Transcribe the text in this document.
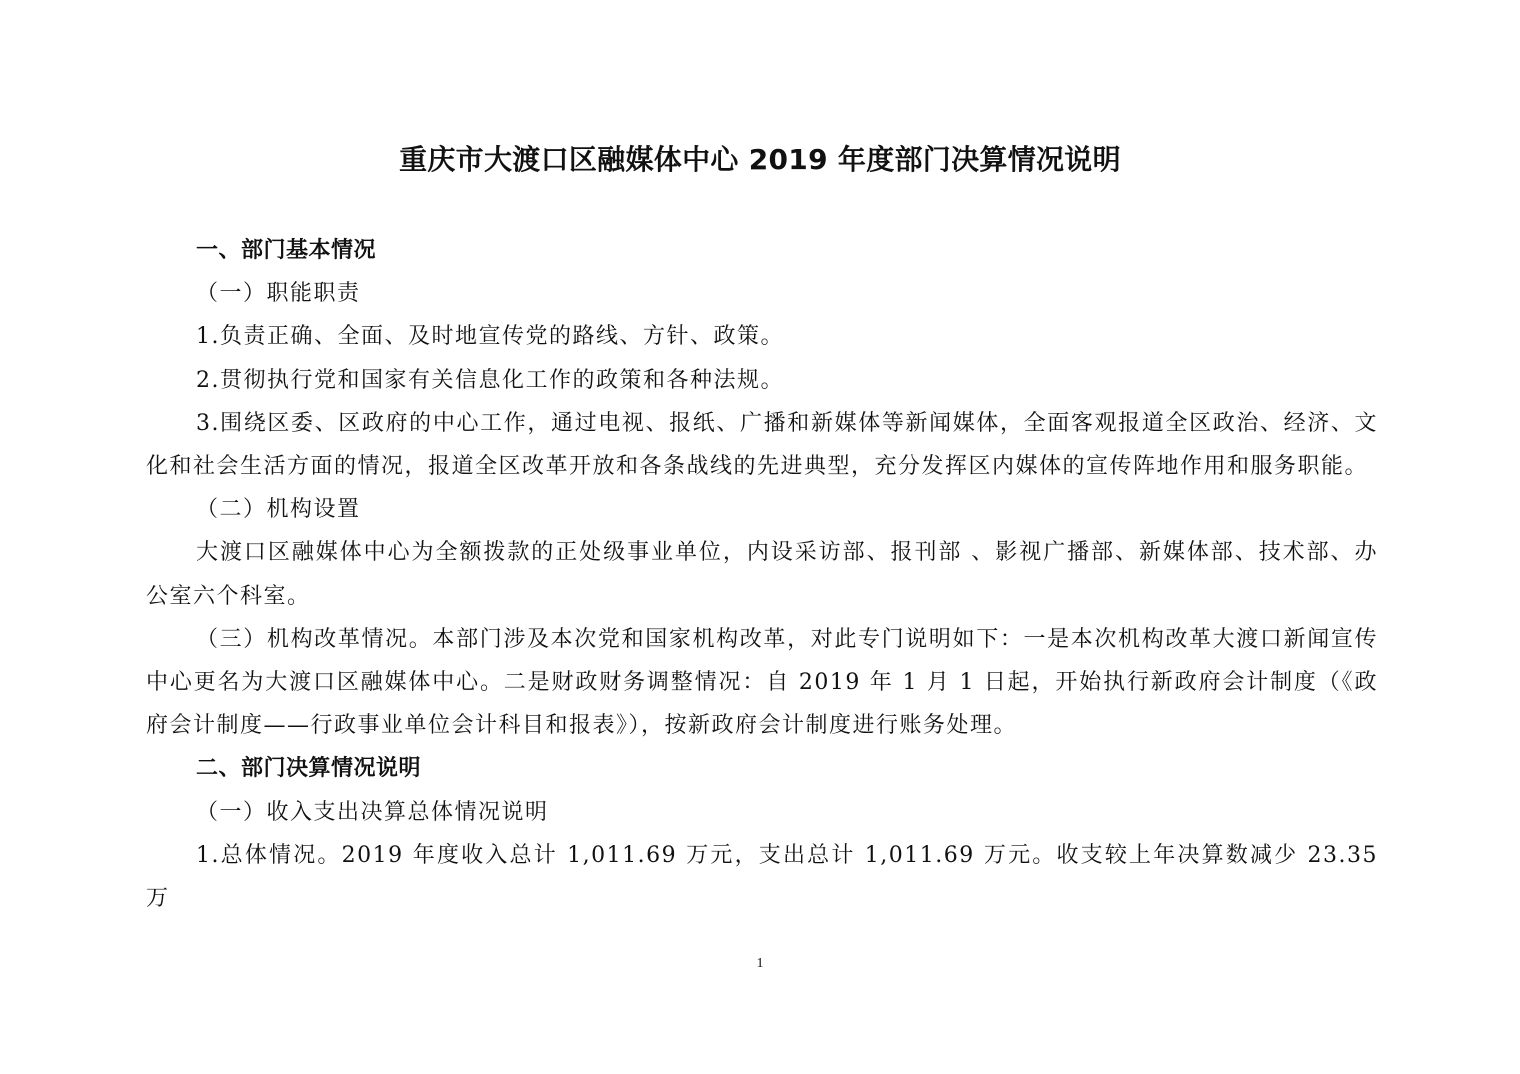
重庆市大渡口区融媒体中心 2019 年度部门决算情况说明

一、部门基本情况

（一）职能职责

1.负责正确、全面、及时地宣传党的路线、方针、政策。

2.贯彻执行党和国家有关信息化工作的政策和各种法规。

3.围绕区委、区政府的中心工作，通过电视、报纸、广播和新媒体等新闻媒体，全面客观报道全区政治、经济、文化和社会生活方面的情况，报道全区改革开放和各条战线的先进典型，充分发挥区内媒体的宣传阵地作用和服务职能。

（二）机构设置

大渡口区融媒体中心为全额拨款的正处级事业单位，内设采访部、报刊部 、影视广播部、新媒体部、技术部、办公室六个科室。

（三）机构改革情况。本部门涉及本次党和国家机构改革，对此专门说明如下：一是本次机构改革大渡口新闻宣传中心更名为大渡口区融媒体中心。二是财政财务调整情况：自 2019 年 1 月 1 日起，开始执行新政府会计制度（《政府会计制度——行政事业单位会计科目和报表》），按新政府会计制度进行账务处理。

二、部门决算情况说明

（一）收入支出决算总体情况说明

1.总体情况。2019 年度收入总计 1,011.69 万元，支出总计 1,011.69 万元。收支较上年决算数减少 23.35 万

1
